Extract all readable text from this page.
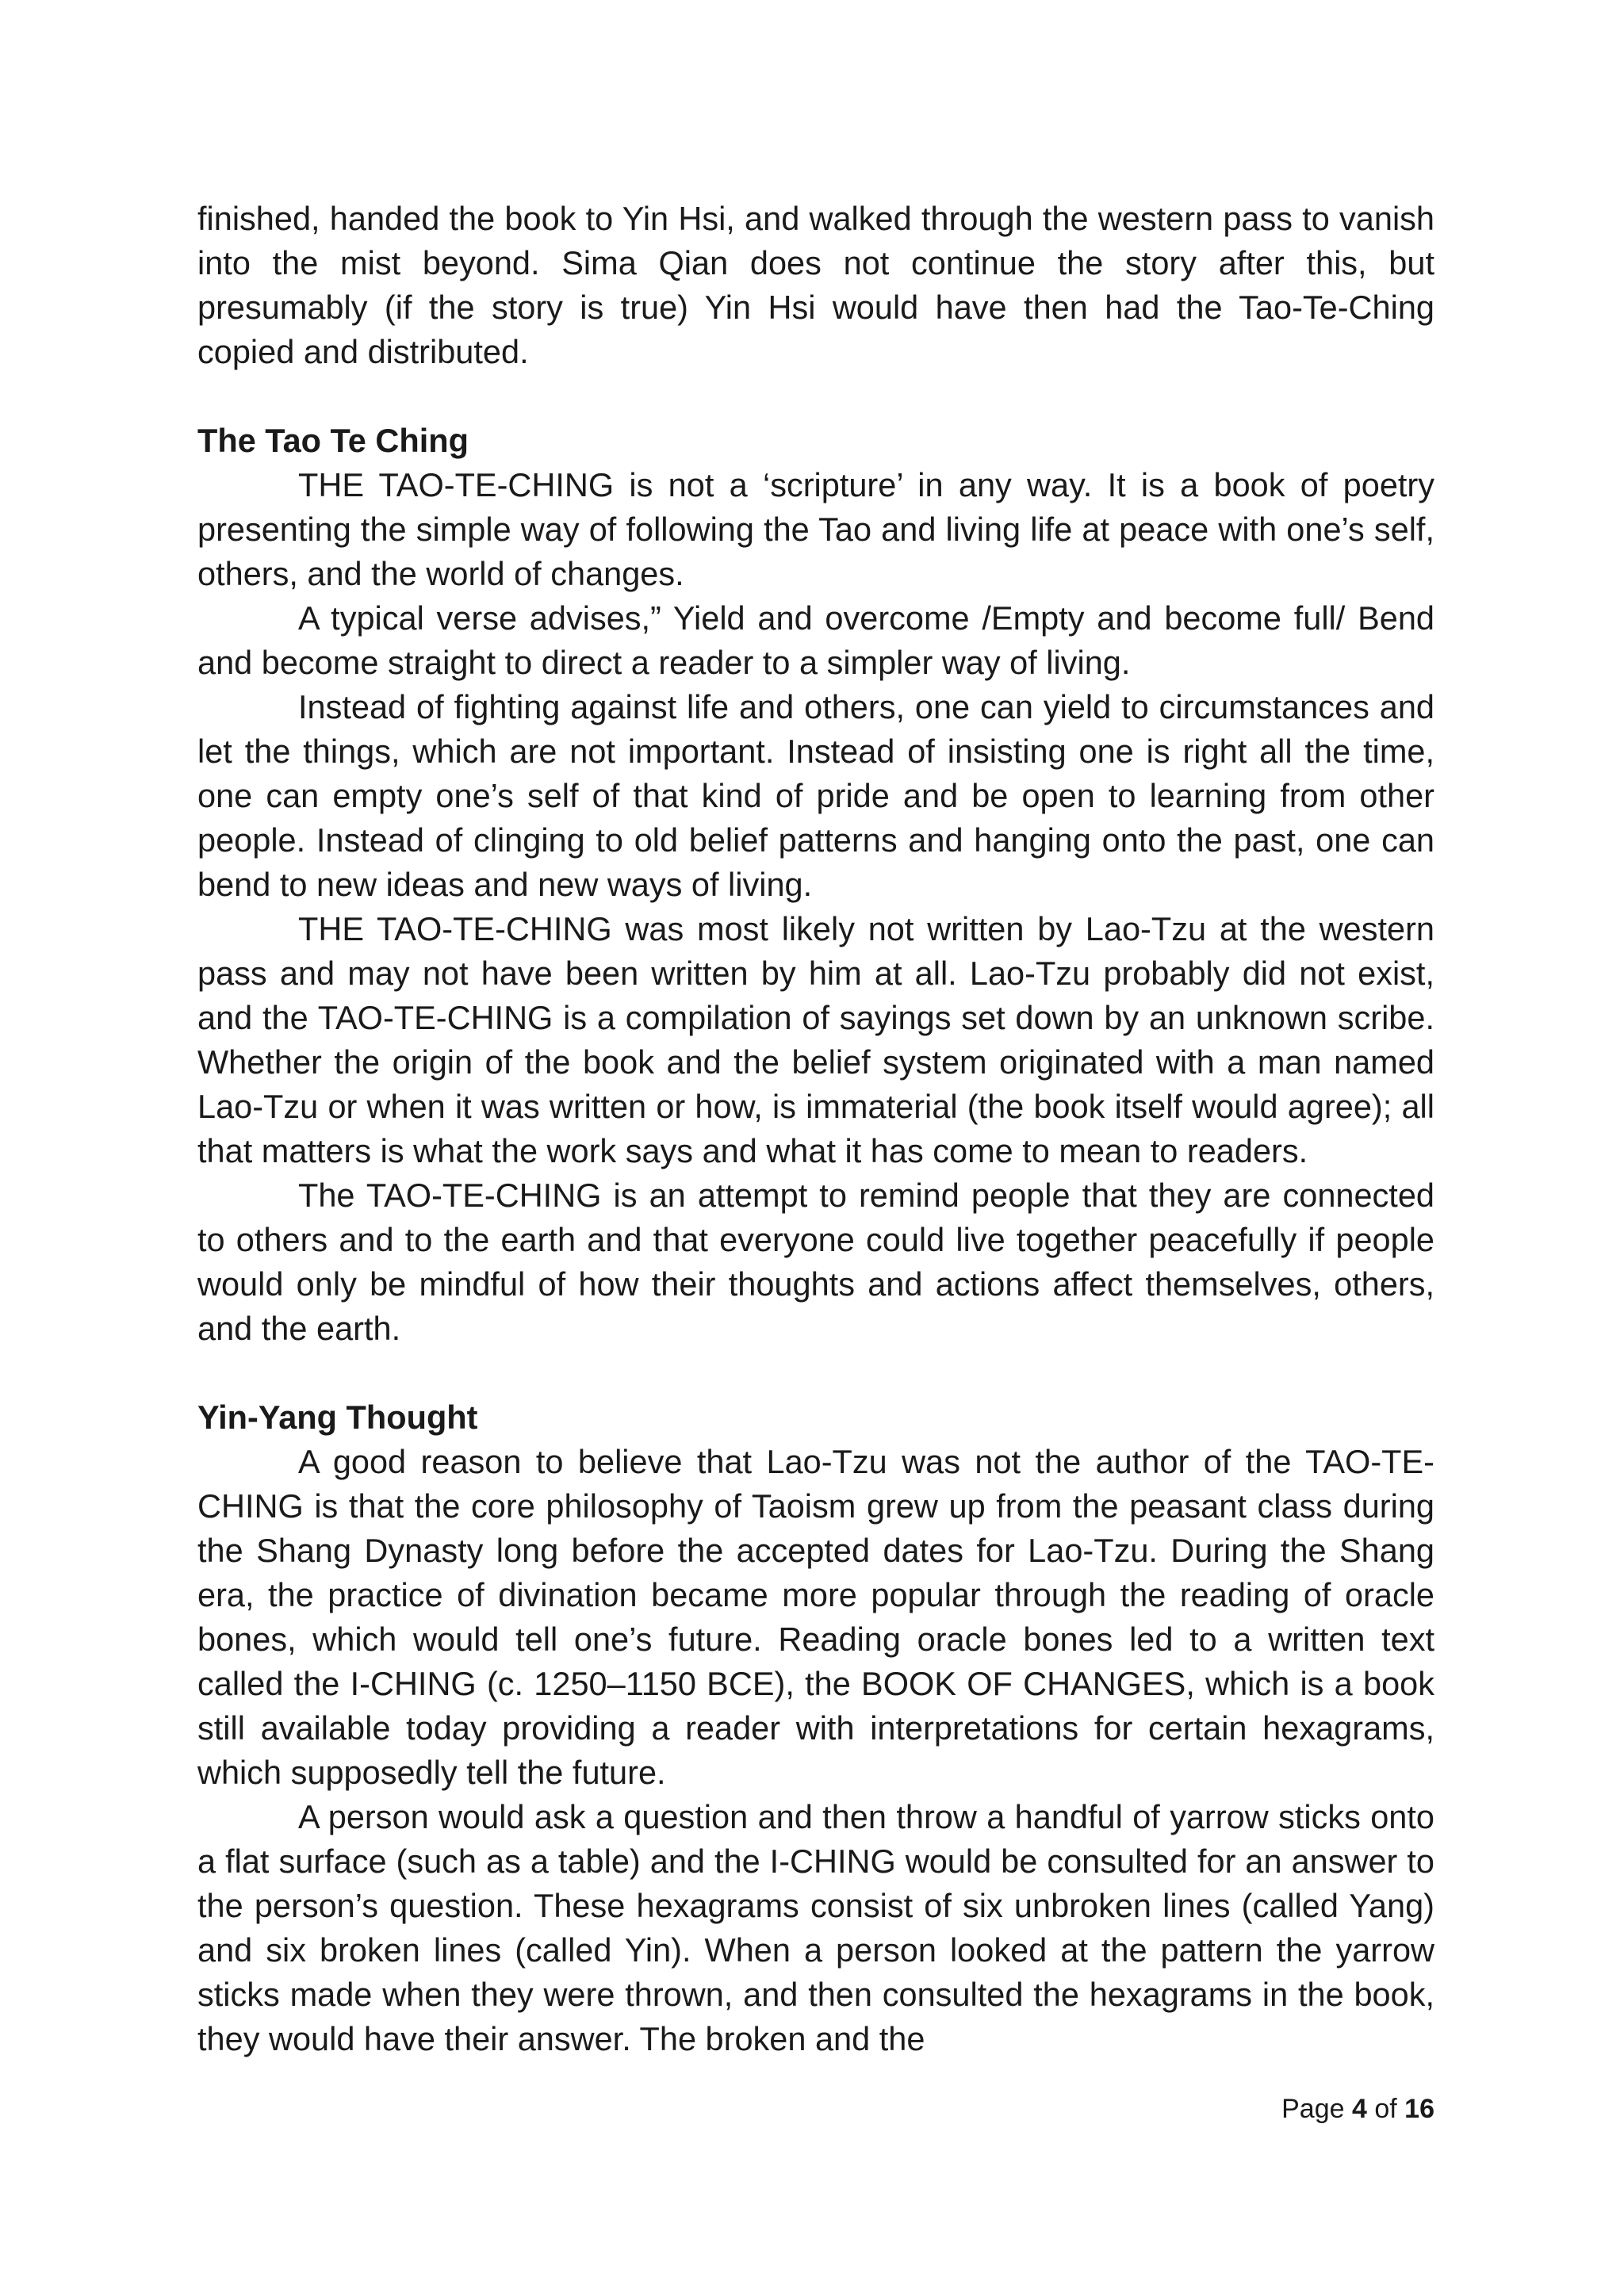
finished, handed the book to Yin Hsi, and walked through the western pass to vanish into the mist beyond. Sima Qian does not continue the story after this, but presumably (if the story is true) Yin Hsi would have then had the Tao-Te-Ching copied and distributed.

The Tao Te Ching

THE TAO-TE-CHING is not a ‘scripture’ in any way. It is a book of poetry presenting the simple way of following the Tao and living life at peace with one’s self, others, and the world of changes.

A typical verse advises,” Yield and overcome /Empty and become full/ Bend and become straight to direct a reader to a simpler way of living.

Instead of fighting against life and others, one can yield to circumstances and let the things, which are not important. Instead of insisting one is right all the time, one can empty one’s self of that kind of pride and be open to learning from other people. Instead of clinging to old belief patterns and hanging onto the past, one can bend to new ideas and new ways of living.

THE TAO-TE-CHING was most likely not written by Lao-Tzu at the western pass and may not have been written by him at all. Lao-Tzu probably did not exist, and the TAO-TE-CHING is a compilation of sayings set down by an unknown scribe. Whether the origin of the book and the belief system originated with a man named Lao-Tzu or when it was written or how, is immaterial (the book itself would agree); all that matters is what the work says and what it has come to mean to readers.

The TAO-TE-CHING is an attempt to remind people that they are connected to others and to the earth and that everyone could live together peacefully if people would only be mindful of how their thoughts and actions affect themselves, others, and the earth.

Yin-Yang Thought

A good reason to believe that Lao-Tzu was not the author of the TAO-TE-CHING is that the core philosophy of Taoism grew up from the peasant class during the Shang Dynasty long before the accepted dates for Lao-Tzu. During the Shang era, the practice of divination became more popular through the reading of oracle bones, which would tell one’s future. Reading oracle bones led to a written text called the I-CHING (c. 1250–1150 BCE), the BOOK OF CHANGES, which is a book still available today providing a reader with interpretations for certain hexagrams, which supposedly tell the future.

A person would ask a question and then throw a handful of yarrow sticks onto a flat surface (such as a table) and the I-CHING would be consulted for an answer to the person’s question. These hexagrams consist of six unbroken lines (called Yang) and six broken lines (called Yin). When a person looked at the pattern the yarrow sticks made when they were thrown, and then consulted the hexagrams in the book, they would have their answer. The broken and the

Page 4 of 16
